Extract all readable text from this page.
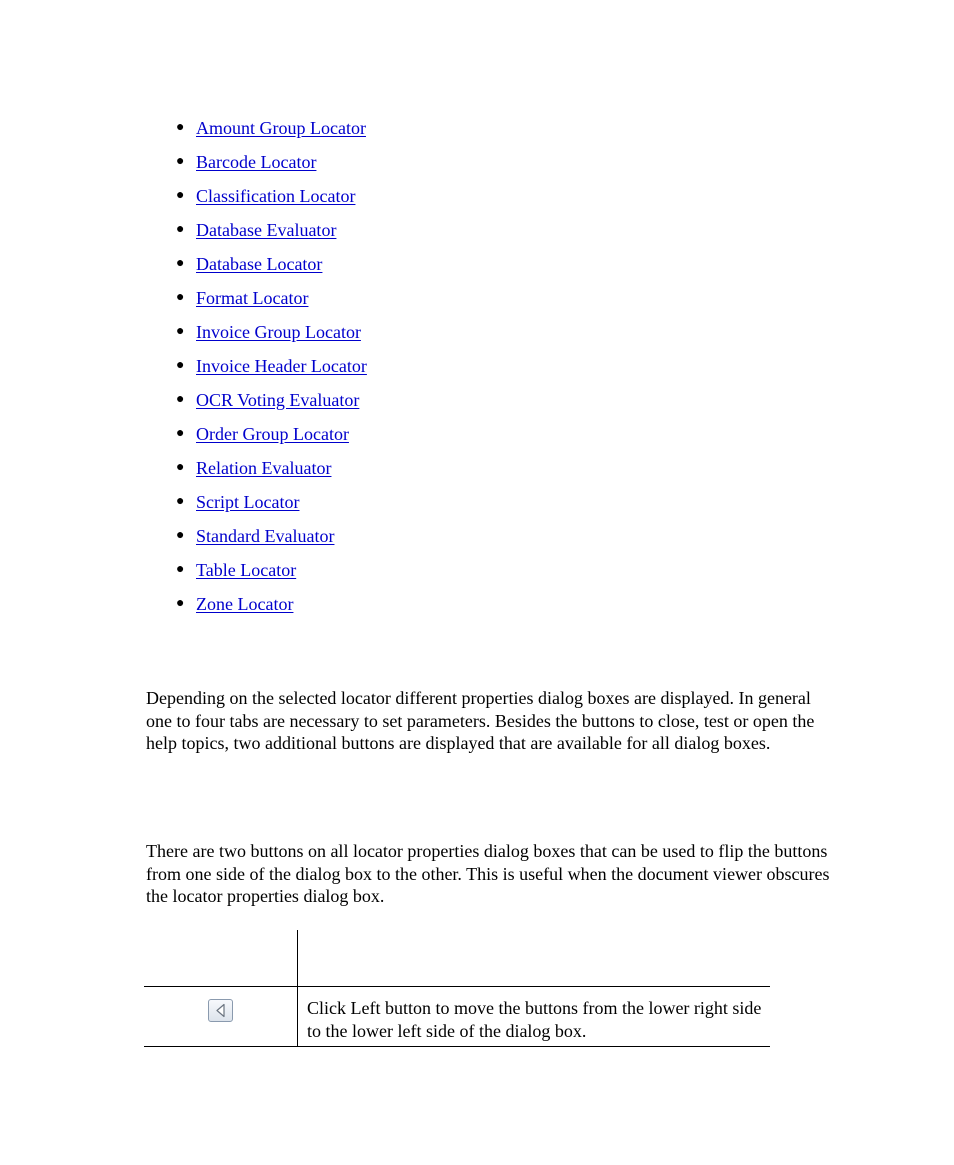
● Amount Group Locator
● Barcode Locator
● Classification Locator
● Database Evaluator
● Database Locator
● Format Locator
● Invoice Group Locator
● Invoice Header Locator
● OCR Voting Evaluator
● Order Group Locator
● Relation Evaluator
● Script Locator
● Standard Evaluator
● Table Locator
● Zone Locator

Depending on the selected locator different properties dialog boxes are displayed. In general one to four tabs are necessary to set parameters. Besides the buttons to close, test or open the help topics, two additional buttons are displayed that are available for all dialog boxes.

There are two buttons on all locator properties dialog boxes that can be used to flip the buttons from one side of the dialog box to the other. This is useful when the document viewer obscures the locator properties dialog box.

Click Left button to move the buttons from the lower right side to the lower left side of the dialog box.
